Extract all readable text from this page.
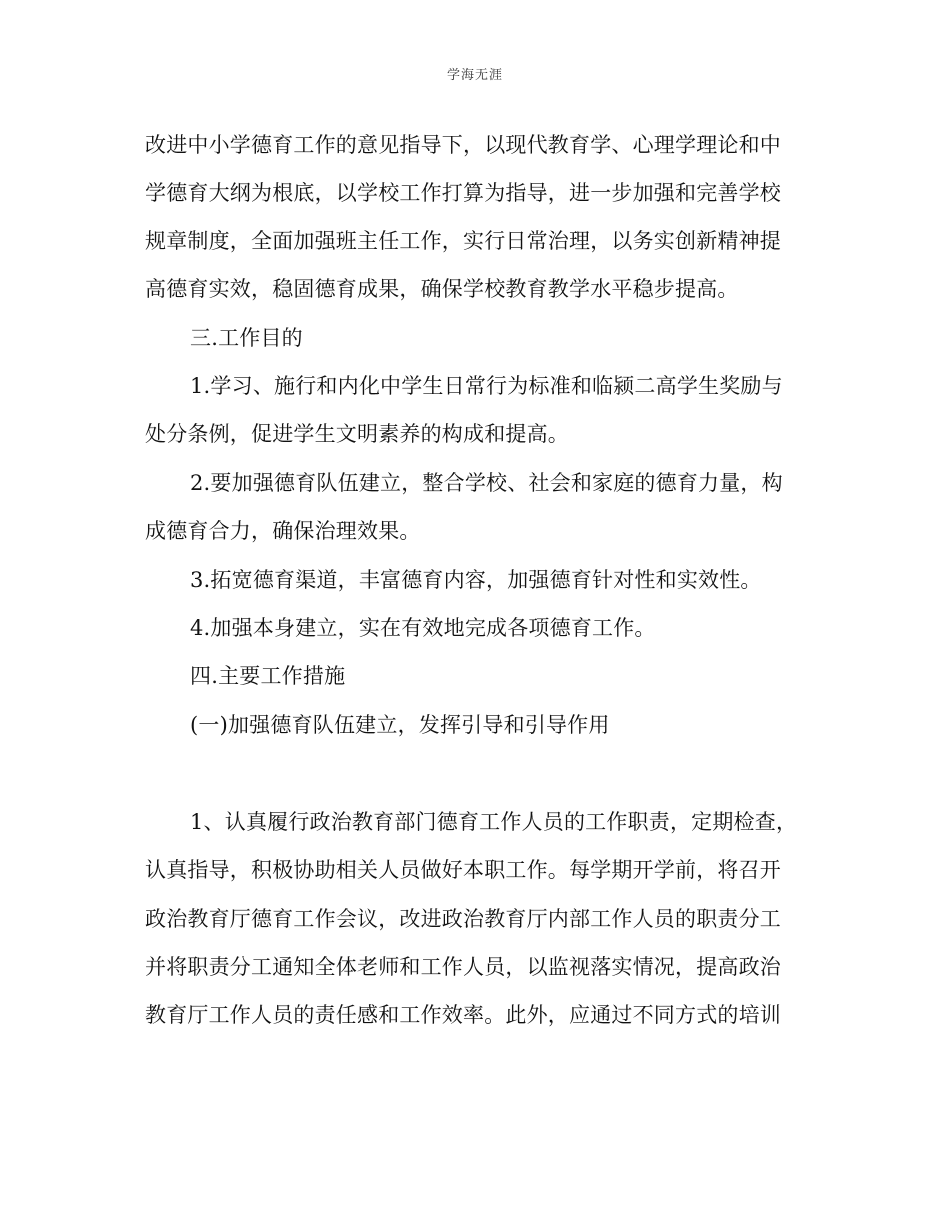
学海无涯
改进中小学德育工作的意见指导下，以现代教育学、心理学理论和中
学德育大纲为根底，以学校工作打算为指导，进一步加强和完善学校
规章制度，全面加强班主任工作，实行日常治理，以务实创新精神提
高德育实效，稳固德育成果，确保学校教育教学水平稳步提高。
三.工作目的
1.学习、施行和内化中学生日常行为标准和临颍二高学生奖励与
处分条例，促进学生文明素养的构成和提高。
2.要加强德育队伍建立，整合学校、社会和家庭的德育力量，构
成德育合力，确保治理效果。
3.拓宽德育渠道，丰富德育内容，加强德育针对性和实效性。
4.加强本身建立，实在有效地完成各项德育工作。
四.主要工作措施
(一)加强德育队伍建立，发挥引导和引导作用
1、认真履行政治教育部门德育工作人员的工作职责，定期检查，
认真指导，积极协助相关人员做好本职工作。每学期开学前，将召开
政治教育厅德育工作会议，改进政治教育厅内部工作人员的职责分工
并将职责分工通知全体老师和工作人员，以监视落实情况，提高政治
教育厅工作人员的责任感和工作效率。此外，应通过不同方式的培训
